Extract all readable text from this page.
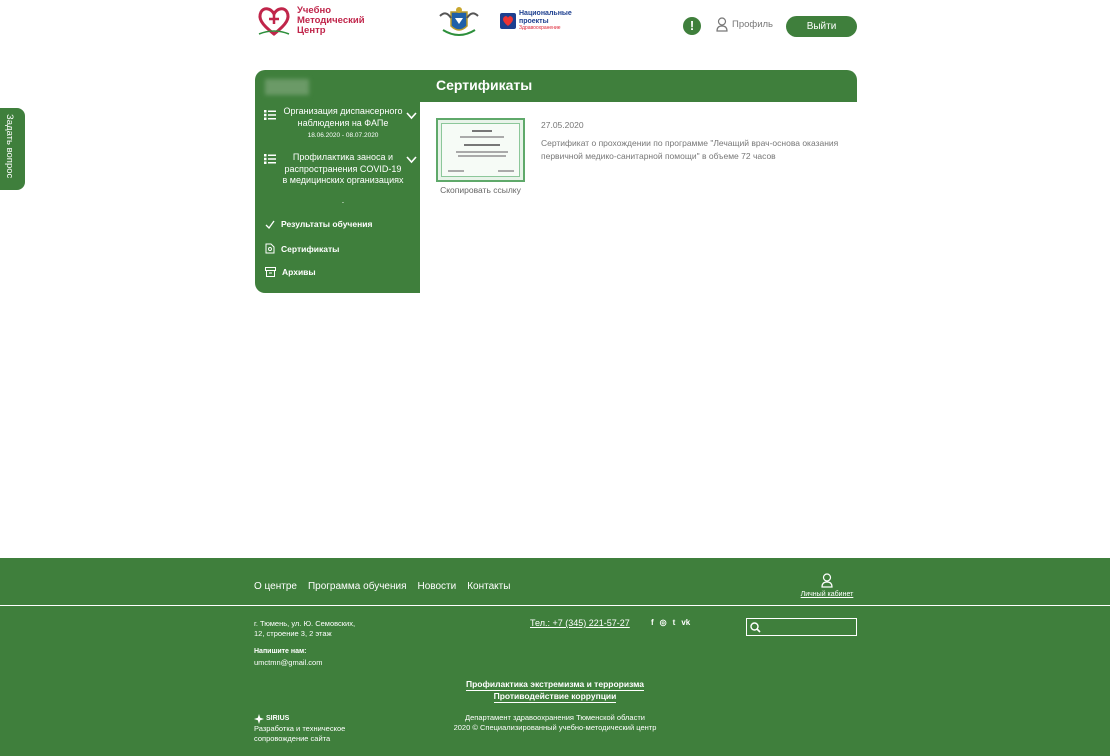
Учебно
Методический
Центр
Национальные
проекты
Здравоохранение	!	Профиль	Выйти
Задать вопрос
Сертификаты
Организация диспансерного наблюдения на ФАПе
18.06.2020 - 08.07.2020
Профилактика заноса и распространения COVID-19 в медицинских организациях
-
Результаты обучения
Сертификаты
Архивы
Скопировать ссылку
27.05.2020
Сертификат о прохождении по программе "Лечащий врач-основа оказания первичной медико-санитарной помощи" в объеме 72 часов
О центре Программа обучения Новости Контакты
Личный кабинет
г. Тюмень, ул. Ю. Семовских,
12, строение 3, 2 этаж
Напишите нам:
umctmn@gmail.com
Тел.: +7 (345) 221-57-27	f ◎ t vk
Профилактика экстремизма и терроризма
Противодействие коррупции
SIRIUS
Разработка и техническое
сопровождение сайта
Департамент здравоохранения Тюменской области
2020 © Специализированный учебно-методический центр
